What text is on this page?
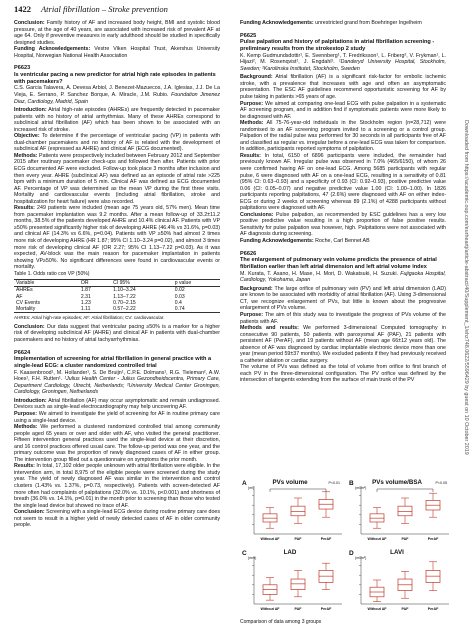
1422 Atrial fibrillation – Stroke prevention

Conclusion: Family history of AF and increased body height, BMI and systolic blood pressure, at the age of 40 years, are associated with increased risk of prevalent AF at age 64. Only if preventive measures in early adulthood should be studied in specifically designed studies.

Funding Acknowledgements: Vestre Viken Hospital Trust, Akershus University Hospital, Norwegian National Health Association

P6623
Is ventricular pacing a new predictor for atrial high rate episodes in patients with pacemakers?

C.S. Garcia Talavera, A. Devesa Arbiol, J. Benezet-Mazuecos, J.A. Iglesias, J.J. De La Vieja, E. Serrano, P. Sanchez Borque, A. Miracle, J.M. Rubio. Foundation Jimenez Diaz, Cardiology, Madrid, Spain

Introduction: Atrial high-rate episodes (AHREs) are frequently detected in pacemaker patients with no history of atrial arrhythmias. Many of these AHREs correspond to subclinical atrial fibrillation (AF) which has been shown to be associated with an increased risk of stroke.

Objective: To determine if the percentage of ventricular pacing (VP) in patients with dual-chamber pacemakers and no history of AF is related with the development of subclinical AF (expressed as AHRE) and clinical AF (ECG documented).

Methods: Patients were prospectively included between February 2012 and September 2015 after routinary pacemaker check-ups and followed then after. Patients with prior ECG documented AF were excluded. Follow-up took place 3 months after inclusion and then every year. AHRE (subclinical AF) was defined as an episode of atrial rate >225 bpm with a minimum duration of 5 min. Clinical AF was defined as ECG documented AF. Percentage of VP was determined as the mean VP during the first three visits. Mortality and cardiovascular events (including atrial fibrillation, stroke and hospitalization for heart failure) were also recorded.

Results: 249 patients were included (mean age 75 years old, 57% men). Mean time from pacemaker implantation was 9.2 months. After a mean follow-up of 33.2±11.2 months, 38.5% of the patients developed AHRE and 10.4% clinical AF. Patients with VP ≥50% presented significantly higher risk of developing AHRE (46.4% vs 31.6%, p=0.03) and clinical AF (14.3% vs 6.6%, p=0.04). Patients with VP ≥50% had almost 2 times more risk of developing AHRE (HR 1.87; 95% CI 1.10–3.24 p=0.02), and almost 3 times more risk of developing clinical AF (OR 2.27; 95% CI 1.13–7.22 p=0.03). As it was expected, AV-block was the main reason for pacemaker implantation in patients showing VP≥50%. No significant differences were found in cardiovascular events or mortality.

Table 1. Odds ratio con VP (50%)
Variable	OR	CI 95%	p value
AHREs	1.87	1.10–3.24	0.02
AF	2.31	1.13–7.22	0.03
CV Events	1.23	0.70–2.15	0.4
Mortality	1.11	0.57–2.22	0.74
AHREs: Atrial high-rate episodes; AF: Atrial fibrillation; CV: cardiovascular.

Conclusion: Our data suggest that ventricular pacing ≥50% is a marker for a higher risk of developing subclinical AF (AHRE) and clinical AF in patients with dual-chamber pacemakers and no history of atrial tachyarrhythmias.

P6624
Implementation of screening for atrial fibrillation in general practice with a single-lead ECG: a cluster randomized controlled trial

F. Kaasenbrood¹, M. Hollander¹, S. De Bruijn¹, C.P.E. Dolmans¹, R.G. Tieleman², A.W. Hoes¹, F.H. Rutten¹. ¹Julius Health Center - Julius Gezondheidscentra, Primary Care, Department Cardiology, Utrecht, Netherlands; ²University Medical Center Groningen, Cardiology, Groningen, Netherlands

Introduction: Atrial fibrillation (AF) may occur asymptomatic and remain undiagnosed. Devices such as single-lead electrocardiography may help uncovering AF.

Purpose: We aimed to investigate the yield of screening for AF in routine primary care using a single-lead device.

Methods: We performed a clustered randomized controlled trial among community people aged 65 years or over and older with AF, who visited the general practitioner. Fifteen intervention general practices used the single-lead device at their discretion, and 16 control practices offered usual care. The follow-up period was one year, and the primary outcome was the proportion of newly diagnosed cases of AF in either group. The intervention group filled out a questionnaire on symptoms the prior month.

Results: In total, 17,102 older people unknown with atrial fibrillation were eligible. In the intervention arm, in total 8,975 of the eligible people were screened during the study year. The yield of newly diagnosed AF was similar in the intervention and control clusters (1.43% vs. 1.37%, p=0.73, respectively). Patients with screen-detected AF more often had complaints of palpitations (32.0% vs. 10.1%, p<0.001) and shortness of breath (36.0% vs. 14.1%, p=0.01) in the month prior to screening than those who tested the single lead device but showed no trace of AF.

Conclusion: Screening with a single-lead ECG device during routine primary care does not seem to result in a higher yield of newly detected cases of AF in older community people.

Funding Acknowledgements: unrestricted grand from Boehringer Ingelheim

P6625
Pulse palpation and history of palpitations in atrial fibrillation screening - preliminary results from the strokestop 2 study

K. Kemp Gudmundsdottir¹, E. Svennberg¹, T. Fredriksson¹, L. Friberg², V. Frykman¹, L. Hijazi², M. Rosenqvist¹, J. Engdahl¹. ¹Danderyd University Hospital, Stockholm, Sweden; ²Karolinska Institutet, Stockholm, Sweden

Background: Atrial fibrillation (AF) is a significant risk-factor for embolic ischemic stroke, with a prevalence that increases with age and often an asymptomatic presentation. The ESC AF guidelines recommend opportunistic screening for AF by pulse taking in patients >65 years of age.

Purpose: We aimed at comparing one-lead ECG with pulse palpation in a systematic AF screening program, and in addition find if symptomatic patients were more likely to be diagnosed with AF.

Methods: All 75-76-year-old individuals in the Stockholm region (n=28,712) were randomised to an AF screening program invited to a screening or a control group. Palpation of the radial pulse was performed for 30 seconds in all participants free of AF and classified as regular vs. irregular before a one-lead ECG was taken for comparison. In addition, participants reported symptoms of palpitation.

Results: In total, 6150 of 6896 participants were included, the remainder had previously known AF. Irregular pulse was observed in 7.0% (465/6150), of whom 26 were confirmed having AF on one-lead ECG. Among 5685 participants with regular pulse, 6 were diagnosed with AF on a one-lead ECG, resulting in a sensitivity of 0.81 (95% CI: 0.63–0.93) and a specificity of 0.93 (CI: 0.92–0.93), positive predictive value 0.06 (CI: 0.05–0.07) and negative predictive value 1.00 (CI: 1.00–1.00). In 1826 participants reporting palpitations, 47 (2.6%) were diagnosed with AF on either index-ECG or during 2 weeks of screening whereas 89 (2.1%) of 4288 participants without palpitations were diagnosed with AF.

Conclusions: Pulse palpation, as recommended by ESC guidelines has a very low positive predictive value resulting in a high proportion of false positive results. Sensitivity for pulse palpation was however, high. Palpitations were not associated with AF diagnosis during screening.

Funding Acknowledgements: Roche, Carl Bennet AB

P6626
The enlargement of pulmonary vein volume predicts the presence of atrial fibrillation earlier than left atrial dimension and left atrial volume index

M. Kurata, T. Asano, H. Mase, H. Mori, D. Wakatsuki, H. Suzuki. Fujigaoka Hospital, Cardiology, Yokohama, Japan

Background: The large orifice of pulmonary vein (PV) and left atrial dimension (LAD) are known to be associated with morbidity of atrial fibrillation (AF). Using 3-dimensional CT, we recognize enlargement of PVs, but little is known about the progressive enlargement of PVs volume.

Purpose: The aim of this study was to investigate the progress of PVs volume of the patients with AF.

Methods and results: We performed 3-dimensional Computed tomography in consecutive 90 patients, 50 patients with paroxysmal AF (PAF), 21 patients with persistent AF (PerAF), and 19 patients without AF (mean age 66±12 years old). The absence of AF was diagnosed by cardiac implantable electronic device more than one year (mean period 59±37 months). We excluded patients if they had previously received a catheter ablation or cardiac surgery.

The volume of PVs was defined as the total of volume from orifice to first branch of each PV in the three-dimensional configuration. The PV orifice was defined by the intersection of tangents extending from the surface of main trunk of the PV

A	PVs volume
(ml)
P<0.01
Without AF	PAF	PerAF
B	PVs volume/BSA
(ml/m²)
P<0.05
Without AF	PAF	PerAF
C	LAD
(mm)
Without AF	PAF	PerAF
D	LAVI
(ml/m²)
Without AF	PAF	PerAF
Comparison of data among 3 groups
Downloaded from https://academic.oup.com/eurheartj/article-abstract/40/Supplement_1/ehz748.0622/5596429 by guest on 10 October 2019
